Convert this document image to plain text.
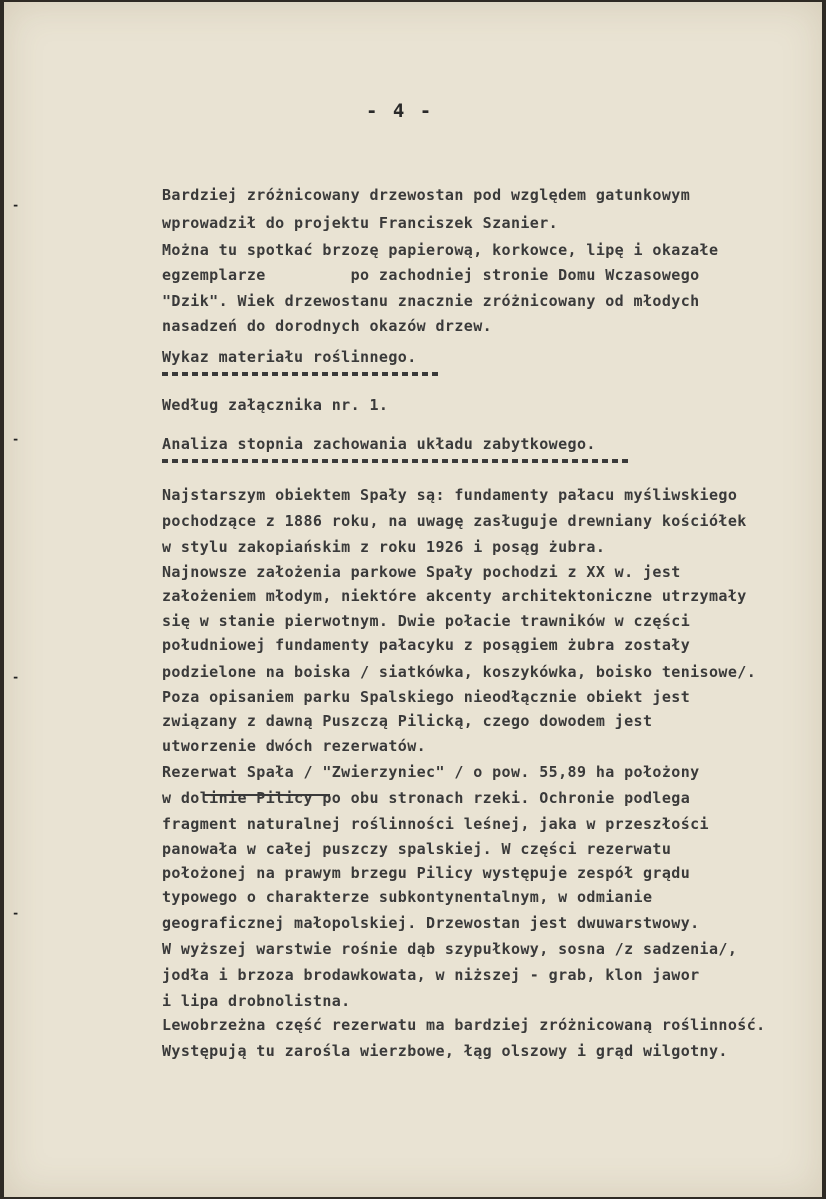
-
-
-
-
- 4 -
Bardziej zróżnicowany drzewostan pod względem gatunkowym
wprowadził do projektu Franciszek Szanier.
Można tu spotkać brzozę papierową, korkowce, lipę i okazałe
egzemplarze         po zachodniej stronie Domu Wczasowego
"Dzik". Wiek drzewostanu znacznie zróżnicowany od młodych
nasadzeń do dorodnych okazów drzew.
Wykaz materiału roślinnego.
Według załącznika nr. 1.
Analiza stopnia zachowania układu zabytkowego.
Najstarszym obiektem Spały są: fundamenty pałacu myśliwskiego
pochodzące z 1886 roku, na uwagę zasługuje drewniany kościółek
w stylu zakopiańskim z roku 1926 i posąg żubra.
Najnowsze założenia parkowe Spały pochodzi z XX w. jest
założeniem młodym, niektóre akcenty architektoniczne utrzymały
się w stanie pierwotnym. Dwie połacie trawników w części
południowej fundamenty pałacyku z posągiem żubra zostały
podzielone na boiska / siatkówka, koszykówka, boisko tenisowe/.
Poza opisaniem parku Spalskiego nieodłącznie obiekt jest
związany z dawną Puszczą Pilicką, czego dowodem jest
utworzenie dwóch rezerwatów.
Rezerwat Spała / "Zwierzyniec" / o pow. 55,89 ha położony
w dolinie Pilicy po obu stronach rzeki. Ochronie podlega
fragment naturalnej roślinności leśnej, jaka w przeszłości
panowała w całej puszczy spalskiej. W części rezerwatu
położonej na prawym brzegu Pilicy występuje zespół grądu
typowego o charakterze subkontynentalnym, w odmianie
geograficznej małopolskiej. Drzewostan jest dwuwarstwowy.
W wyższej warstwie rośnie dąb szypułkowy, sosna /z sadzenia/,
jodła i brzoza brodawkowata, w niższej - grab, klon jawor
i lipa drobnolistna.
Lewobrzeżna część rezerwatu ma bardziej zróżnicowaną roślinność.
Występują tu zarośla wierzbowe, łąg olszowy i grąd wilgotny.
